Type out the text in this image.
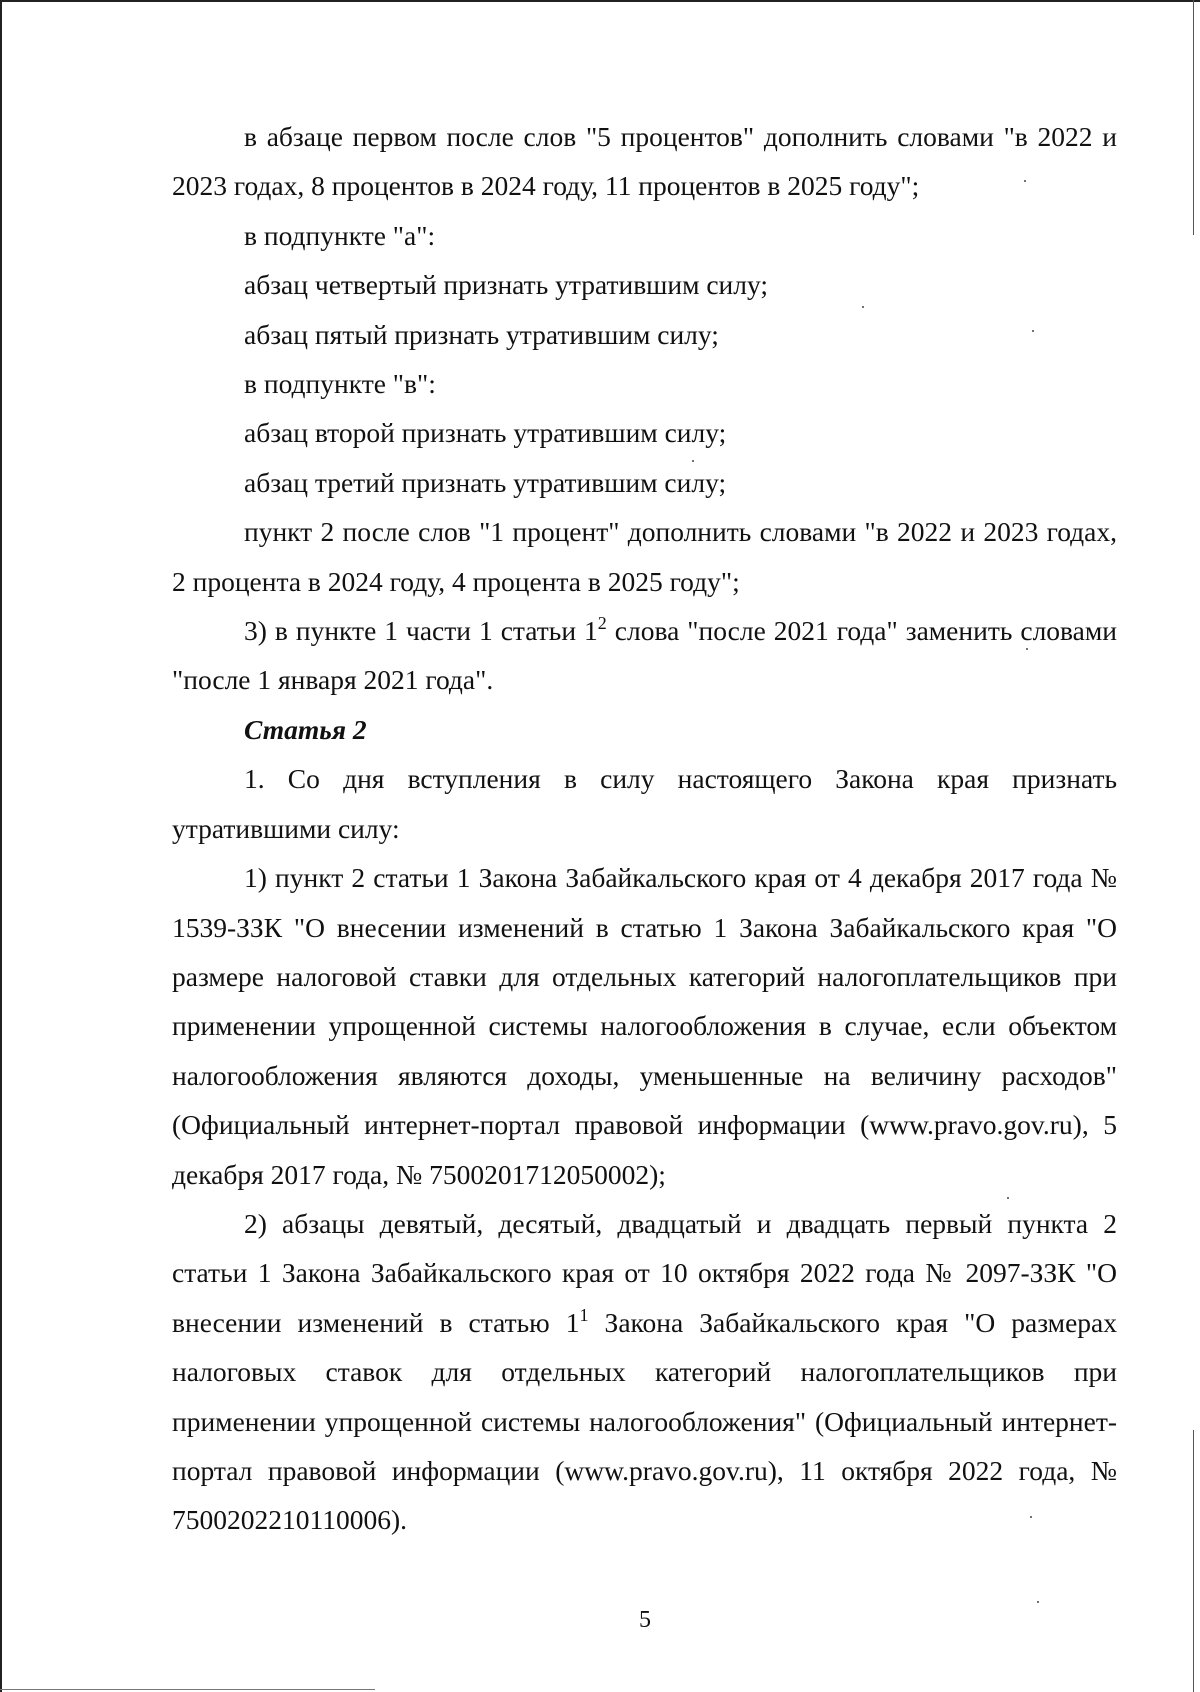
в абзаце первом после слов "5 процентов" дополнить словами "в 2022 и 2023 годах, 8 процентов в 2024 году, 11 процентов в 2025 году";

в подпункте "а":

абзац четвертый признать утратившим силу;

абзац пятый признать утратившим силу;

в подпункте "в":

абзац второй признать утратившим силу;

абзац третий признать утратившим силу;

пункт 2 после слов "1 процент" дополнить словами "в 2022 и 2023 годах, 2 процента в 2024 году, 4 процента в 2025 году";

3) в пункте 1 части 1 статьи $1^2$ слова "после 2021 года" заменить словами "после 1 января 2021 года".

Статья 2

1. Со дня вступления в силу настоящего Закона края признать утратившими силу:

1) пункт 2 статьи 1 Закона Забайкальского края от 4 декабря 2017 года № 1539-ЗЗК "О внесении изменений в статью 1 Закона Забайкальского края "О размере налоговой ставки для отдельных категорий налогоплательщиков при применении упрощенной системы налогообложения в случае, если объектом налогообложения являются доходы, уменьшенные на величину расходов" (Официальный интернет-портал правовой информации (www.pravo.gov.ru), 5 декабря 2017 года, № 7500201712050002);

2) абзацы девятый, десятый, двадцатый и двадцать первый пункта 2 статьи 1 Закона Забайкальского края от 10 октября 2022 года № 2097-ЗЗК "О внесении изменений в статью $1^1$ Закона Забайкальского края "О размерах налоговых ставок для отдельных категорий налогоплательщиков при применении упрощенной системы налогообложения" (Официальный интернет-портал правовой информации (www.pravo.gov.ru), 11 октября 2022 года, № 7500202210110006).

5
